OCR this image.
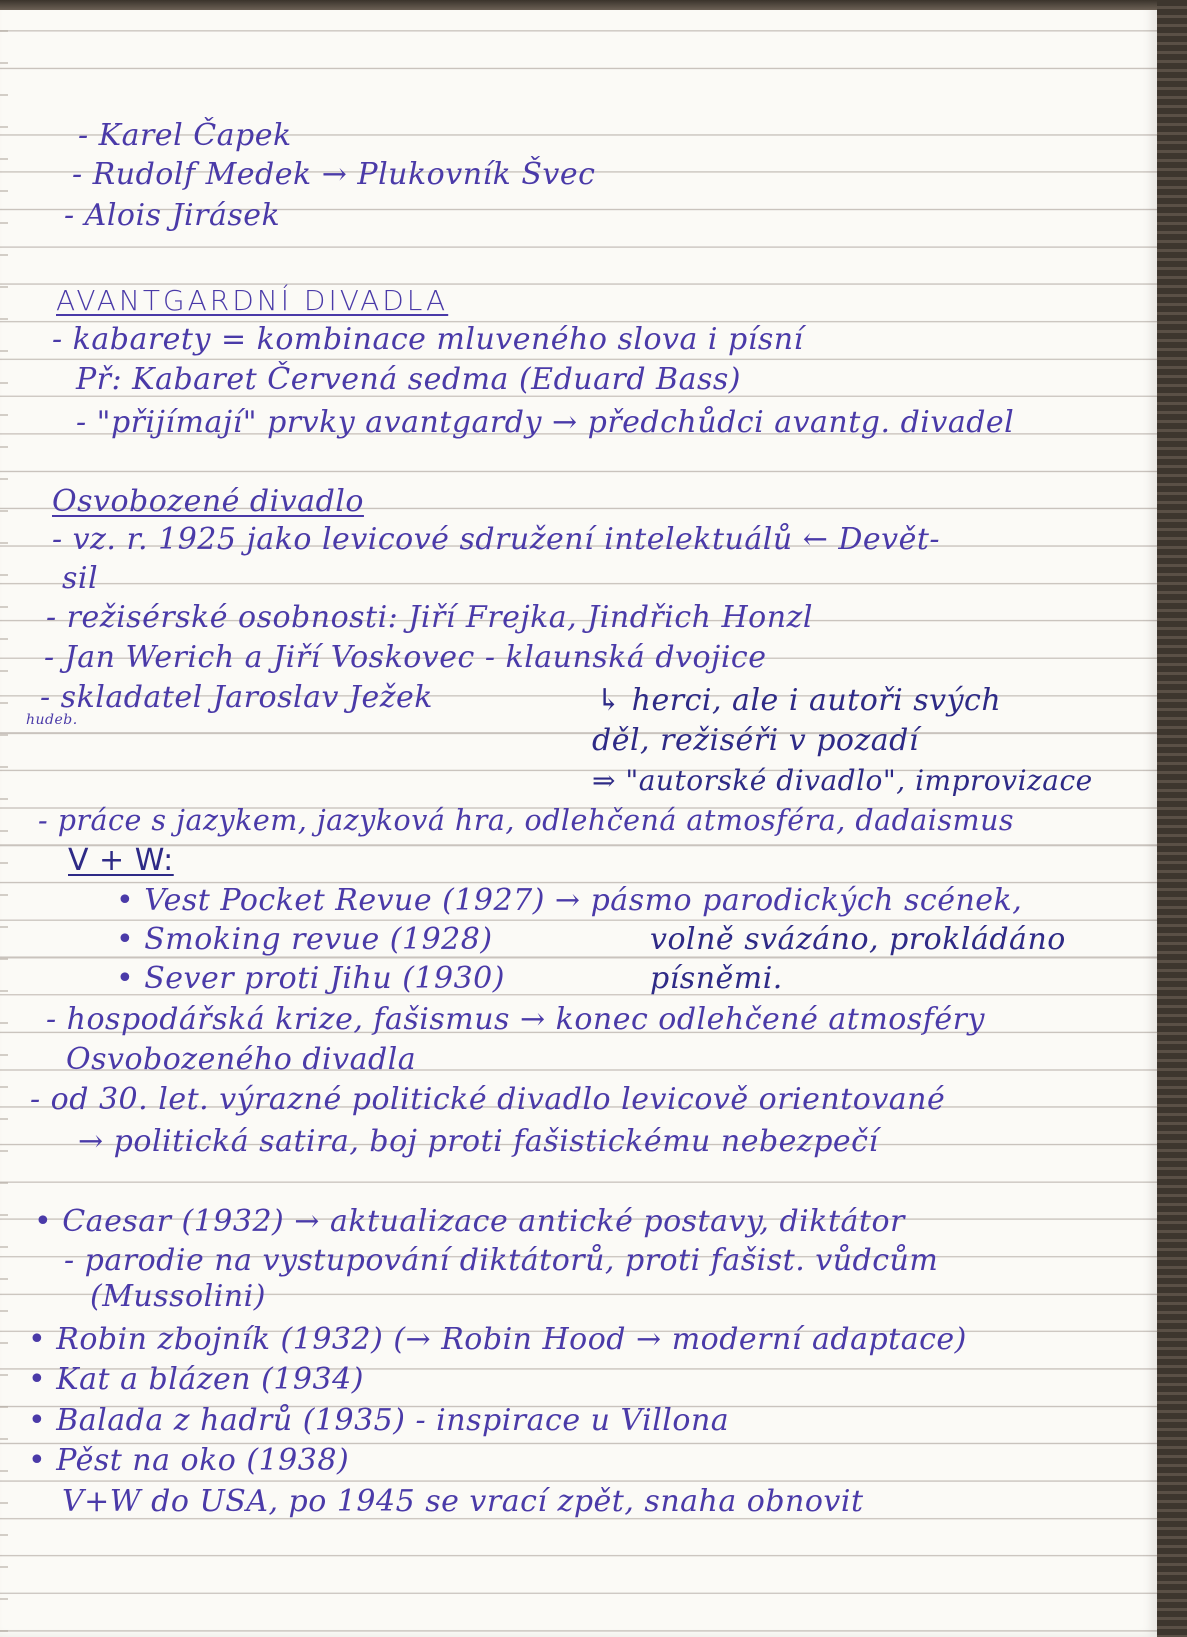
- Karel Čapek
- Rudolf Medek → Plukovník Švec
- Alois Jirásek
AVANTGARDNÍ DIVADLA
- kabarety = kombinace mluveného slova i písní
Př: Kabaret Červená sedma (Eduard Bass)
- "přijímají" prvky avantgardy → předchůdci avantg. divadel
Osvobozené divadlo
- vz. r. 1925 jako levicové sdružení intelektuálů ← Devět-
sil
- režisérské osobnosti: Jiří Frejka, Jindřich Honzl
- Jan Werich a Jiří Voskovec - klaunská dvojice
- skladatel Jaroslav Ježek
hudeb.
↳ herci, ale i autoři svých
děl, režiséři v pozadí
⇒ "autorské divadlo", improvizace
- práce s jazykem, jazyková hra, odlehčená atmosféra, dadaismus
V + W:
• Vest Pocket Revue (1927) → pásmo parodických scének,
• Smoking revue (1928)	volně svázáno, prokládáno
• Sever proti Jihu (1930)	písněmi.
- hospodářská krize, fašismus → konec odlehčené atmosféry
Osvobozeného divadla
- od 30. let. výrazné politické divadlo levicově orientované
→ politická satira, boj proti fašistickému nebezpečí
• Caesar (1932) → aktualizace antické postavy, diktátor
- parodie na vystupování diktátorů, proti fašist. vůdcům
(Mussolini)
• Robin zbojník (1932) (→ Robin Hood → moderní adaptace)
• Kat a blázen (1934)
• Balada z hadrů (1935) - inspirace u Villona
• Pěst na oko (1938)
V+W do USA, po 1945 se vrací zpět, snaha obnovit
